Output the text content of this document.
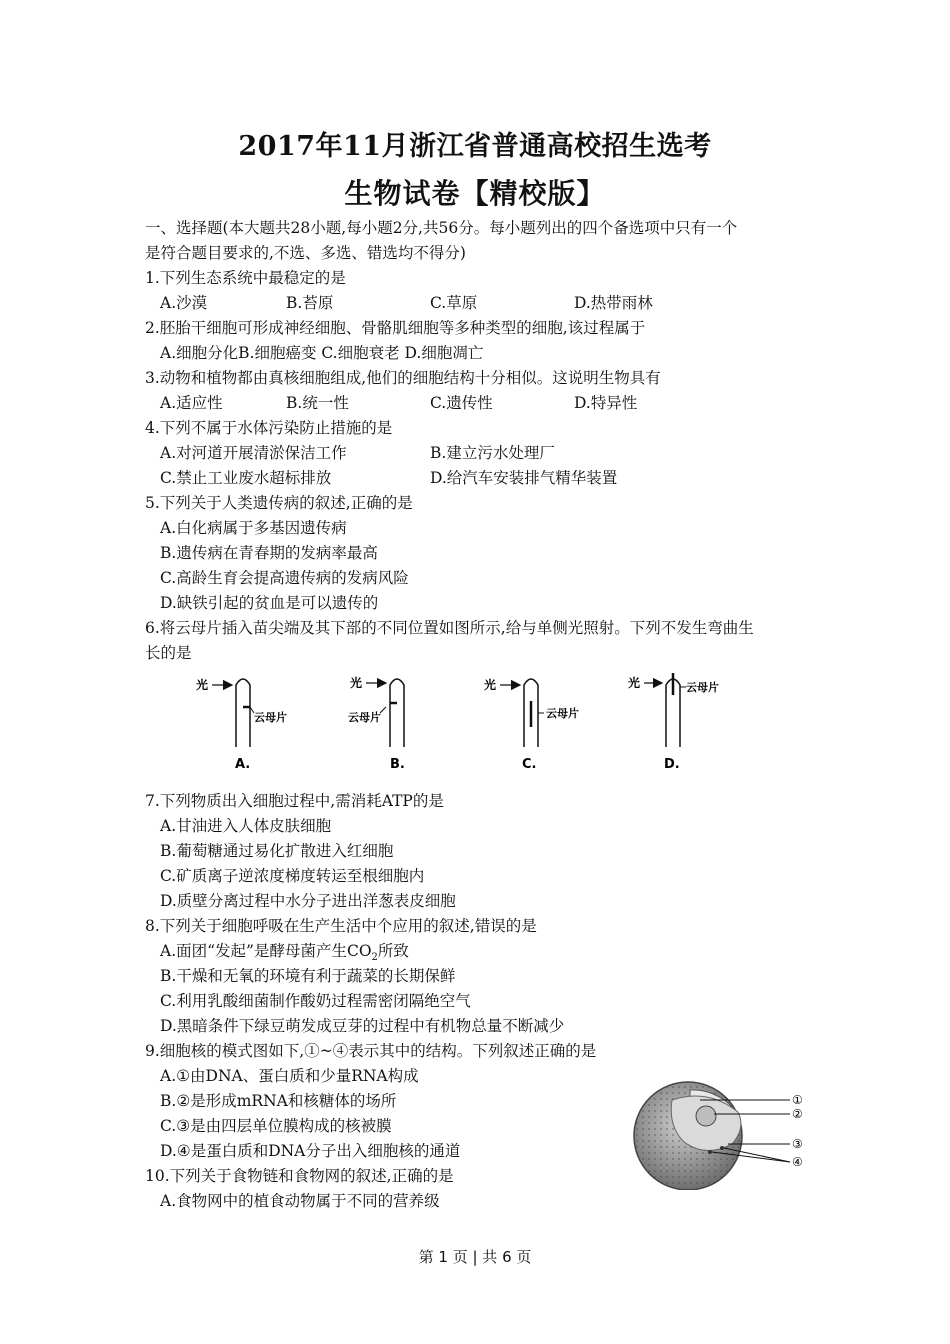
2017年11月浙江省普通高校招生选考
生物试卷【精校版】
一、选择题(本大题共28小题,每小题2分,共56分。每小题列出的四个备选项中只有一个
是符合题目要求的,不选、多选、错选均不得分)
1.下列生态系统中最稳定的是
A.沙漠	B.苔原	C.草原	D.热带雨林
2.胚胎干细胞可形成神经细胞、骨骼肌细胞等多种类型的细胞,该过程属于
A.细胞分化B.细胞癌变 C.细胞衰老 D.细胞凋亡
3.动物和植物都由真核细胞组成,他们的细胞结构十分相似。这说明生物具有
A.适应性	B.统一性	C.遗传性	D.特异性
4.下列不属于水体污染防止措施的是
A.对河道开展清淤保洁工作	B.建立污水处理厂
C.禁止工业废水超标排放	D.给汽车安装排气精华装置
5.下列关于人类遗传病的叙述,正确的是
A.白化病属于多基因遗传病
B.遗传病在青春期的发病率最高
C.高龄生育会提高遗传病的发病风险
D.缺铁引起的贫血是可以遗传的
6.将云母片插入苗尖端及其下部的不同位置如图所示,给与单侧光照射。下列不发生弯曲生
长的是
光
云母片
A.
光
云母片
B.
光
云母片
C.
光	云母片
D.
7.下列物质出入细胞过程中,需消耗ATP的是
A.甘油进入人体皮肤细胞
B.葡萄糖通过易化扩散进入红细胞
C.矿质离子逆浓度梯度转运至根细胞内
D.质壁分离过程中水分子进出洋葱表皮细胞
8.下列关于细胞呼吸在生产生活中个应用的叙述,错误的是
A.面团“发起”是酵母菌产生$CO_2$所致
B.干燥和无氧的环境有利于蔬菜的长期保鲜
C.利用乳酸细菌制作酸奶过程需密闭隔绝空气
D.黑暗条件下绿豆萌发成豆芽的过程中有机物总量不断减少
9.细胞核的模式图如下,①~④表示其中的结构。下列叙述正确的是
A.①由DNA、蛋白质和少量RNA构成
B.②是形成mRNA和核糖体的场所
C.③是由四层单位膜构成的核被膜
D.④是蛋白质和DNA分子出入细胞核的通道
①
②
③
④
10.下列关于食物链和食物网的叙述,正确的是
A.食物网中的植食动物属于不同的营养级
第 1 页 | 共 6 页
